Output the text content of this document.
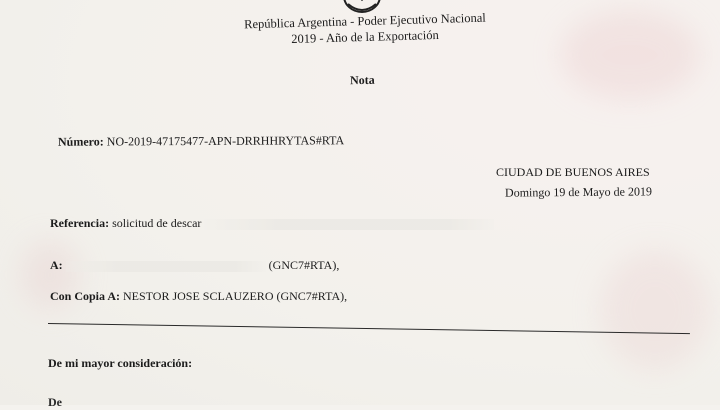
República Argentina - Poder Ejecutivo Nacional
2019 - Año de la Exportación
Nota
Número: NO-2019-47175477-APN-DRRHHRYTAS#RTA
CIUDAD DE BUENOS AIRES
Domingo 19 de Mayo de 2019
Referencia: solicitud de descar
A:	(GNC7#RTA),
Con Copia A: NESTOR JOSE SCLAUZERO (GNC7#RTA),
De mi mayor consideración:
De
